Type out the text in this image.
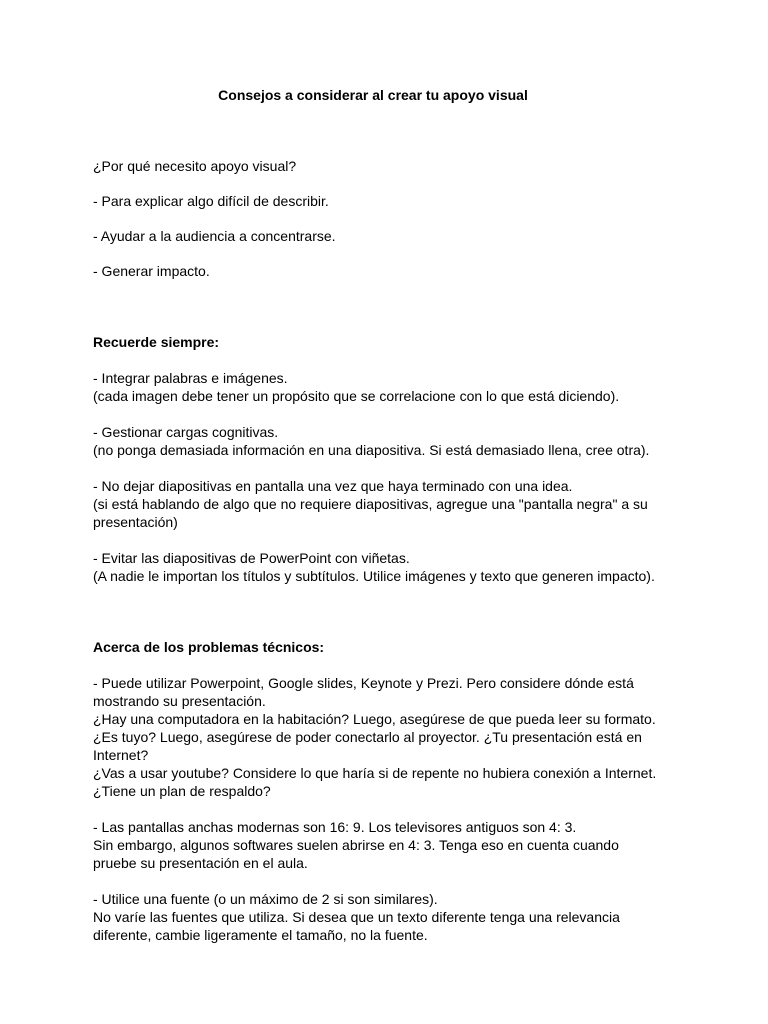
Consejos a considerar al crear tu apoyo visual
¿Por qué necesito apoyo visual?
- Para explicar algo difícil de describir.
- Ayudar a la audiencia a concentrarse.
- Generar impacto.
Recuerde siempre:
- Integrar palabras e imágenes.
(cada imagen debe tener un propósito que se correlacione con lo que está diciendo).
- Gestionar cargas cognitivas.
(no ponga demasiada información en una diapositiva. Si está demasiado llena, cree otra).
- No dejar diapositivas en pantalla una vez que haya terminado con una idea.
(si está hablando de algo que no requiere diapositivas, agregue una "pantalla negra" a su
presentación)
- Evitar las diapositivas de PowerPoint con viñetas.
(A nadie le importan los títulos y subtítulos. Utilice imágenes y texto que generen impacto).
Acerca de los problemas técnicos:
- Puede utilizar Powerpoint, Google slides, Keynote y Prezi. Pero considere dónde está
mostrando su presentación.
¿Hay una computadora en la habitación? Luego, asegúrese de que pueda leer su formato.
¿Es tuyo? Luego, asegúrese de poder conectarlo al proyector. ¿Tu presentación está en
Internet?
¿Vas a usar youtube? Considere lo que haría si de repente no hubiera conexión a Internet.
¿Tiene un plan de respaldo?
- Las pantallas anchas modernas son 16: 9. Los televisores antiguos son 4: 3.
Sin embargo, algunos softwares suelen abrirse en 4: 3. Tenga eso en cuenta cuando
pruebe su presentación en el aula.
- Utilice una fuente (o un máximo de 2 si son similares).
No varíe las fuentes que utiliza. Si desea que un texto diferente tenga una relevancia
diferente, cambie ligeramente el tamaño, no la fuente.
